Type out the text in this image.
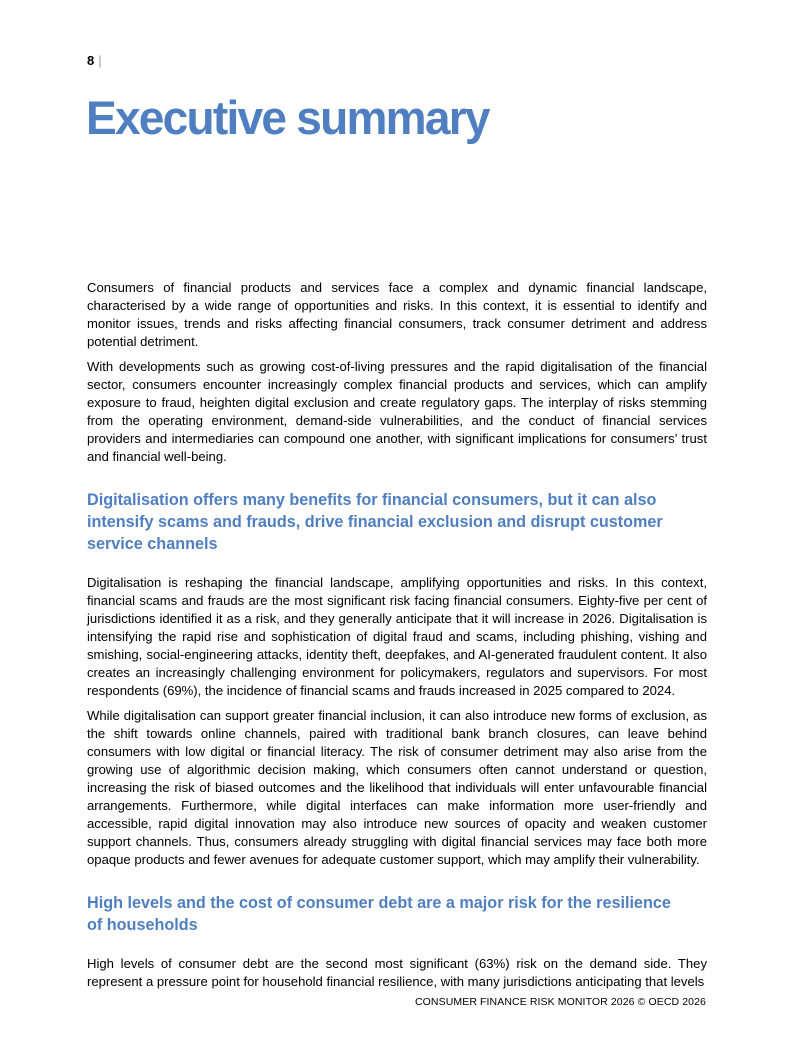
8 |
Executive summary

Consumers of financial products and services face a complex and dynamic financial landscape, characterised by a wide range of opportunities and risks. In this context, it is essential to identify and monitor issues, trends and risks affecting financial consumers, track consumer detriment and address potential detriment.

With developments such as growing cost-of-living pressures and the rapid digitalisation of the financial sector, consumers encounter increasingly complex financial products and services, which can amplify exposure to fraud, heighten digital exclusion and create regulatory gaps. The interplay of risks stemming from the operating environment, demand-side vulnerabilities, and the conduct of financial services providers and intermediaries can compound one another, with significant implications for consumers’ trust and financial well-being.

Digitalisation offers many benefits for financial consumers, but it can also intensify scams and frauds, drive financial exclusion and disrupt customer service channels

Digitalisation is reshaping the financial landscape, amplifying opportunities and risks. In this context, financial scams and frauds are the most significant risk facing financial consumers. Eighty-five per cent of jurisdictions identified it as a risk, and they generally anticipate that it will increase in 2026. Digitalisation is intensifying the rapid rise and sophistication of digital fraud and scams, including phishing, vishing and smishing, social-engineering attacks, identity theft, deepfakes, and AI-generated fraudulent content. It also creates an increasingly challenging environment for policymakers, regulators and supervisors. For most respondents (69%), the incidence of financial scams and frauds increased in 2025 compared to 2024.

While digitalisation can support greater financial inclusion, it can also introduce new forms of exclusion, as the shift towards online channels, paired with traditional bank branch closures, can leave behind consumers with low digital or financial literacy. The risk of consumer detriment may also arise from the growing use of algorithmic decision making, which consumers often cannot understand or question, increasing the risk of biased outcomes and the likelihood that individuals will enter unfavourable financial arrangements. Furthermore, while digital interfaces can make information more user-friendly and accessible, rapid digital innovation may also introduce new sources of opacity and weaken customer support channels. Thus, consumers already struggling with digital financial services may face both more opaque products and fewer avenues for adequate customer support, which may amplify their vulnerability.

High levels and the cost of consumer debt are a major risk for the resilience of households

High levels of consumer debt are the second most significant (63%) risk on the demand side. They represent a pressure point for household financial resilience, with many jurisdictions anticipating that levels

CONSUMER FINANCE RISK MONITOR 2026 © OECD 2026
